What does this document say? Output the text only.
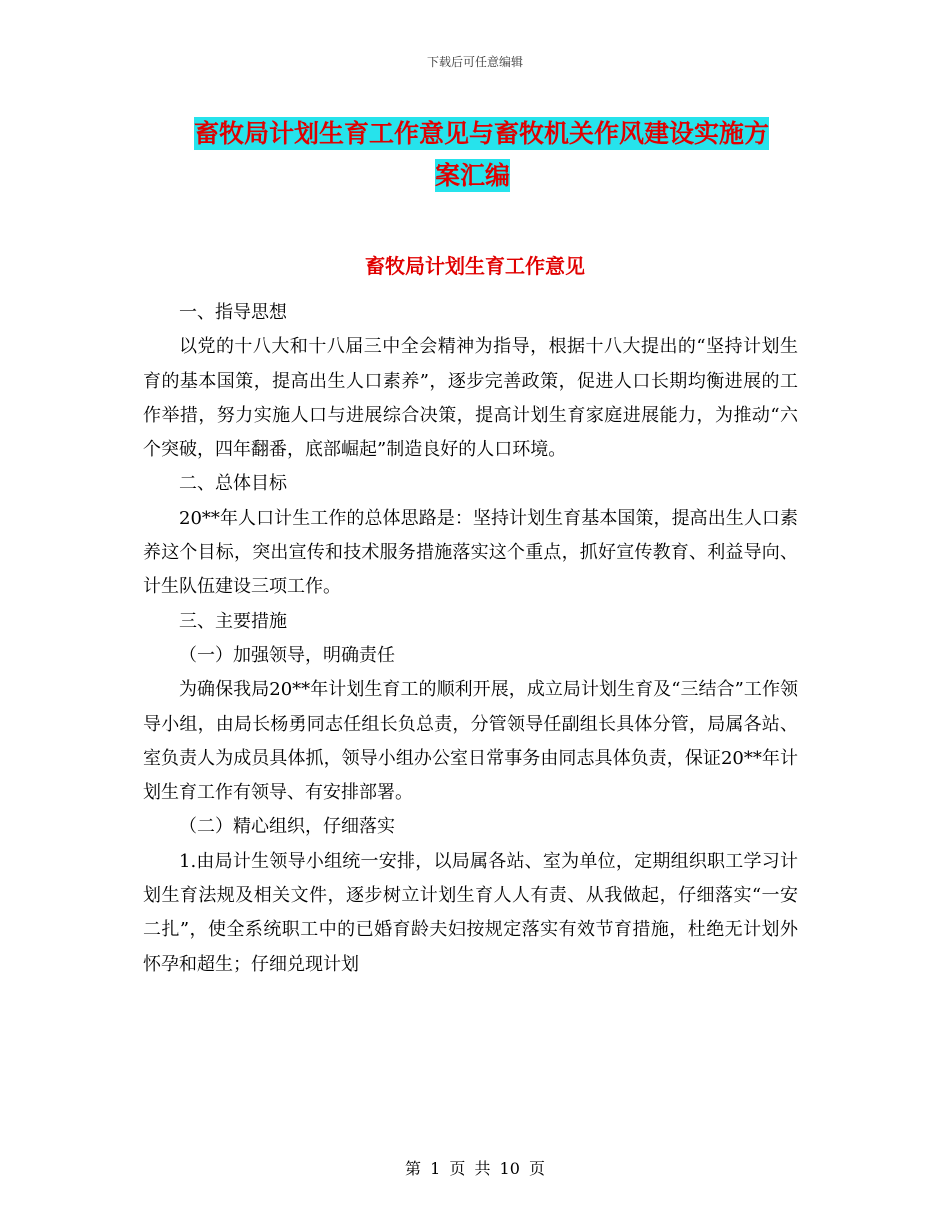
下载后可任意编辑
畜牧局计划生育工作意见与畜牧机关作风建设实施方
案汇编
畜牧局计划生育工作意见

一、指导思想

以党的十八大和十八届三中全会精神为指导，根据十八大提出的“坚持计划生育的基本国策，提高出生人口素养”，逐步完善政策，促进人口长期均衡进展的工作举措，努力实施人口与进展综合决策，提高计划生育家庭进展能力，为推动“六个突破，四年翻番，底部崛起”制造良好的人口环境。

二、总体目标

20**年人口计生工作的总体思路是：坚持计划生育基本国策，提高出生人口素养这个目标，突出宣传和技术服务措施落实这个重点，抓好宣传教育、利益导向、计生队伍建设三项工作。

三、主要措施

（一）加强领导，明确责任

为确保我局20**年计划生育工的顺利开展，成立局计划生育及“三结合”工作领导小组，由局长杨勇同志任组长负总责，分管领导任副组长具体分管，局属各站、室负责人为成员具体抓，领导小组办公室日常事务由同志具体负责，保证20**年计划生育工作有领导、有安排部署。

（二）精心组织，仔细落实

1.由局计生领导小组统一安排，以局属各站、室为单位，定期组织职工学习计划生育法规及相关文件，逐步树立计划生育人人有责、从我做起，仔细落实“一安二扎”，使全系统职工中的已婚育龄夫妇按规定落实有效节育措施，杜绝无计划外怀孕和超生；仔细兑现计划

第 1 页 共 10 页
